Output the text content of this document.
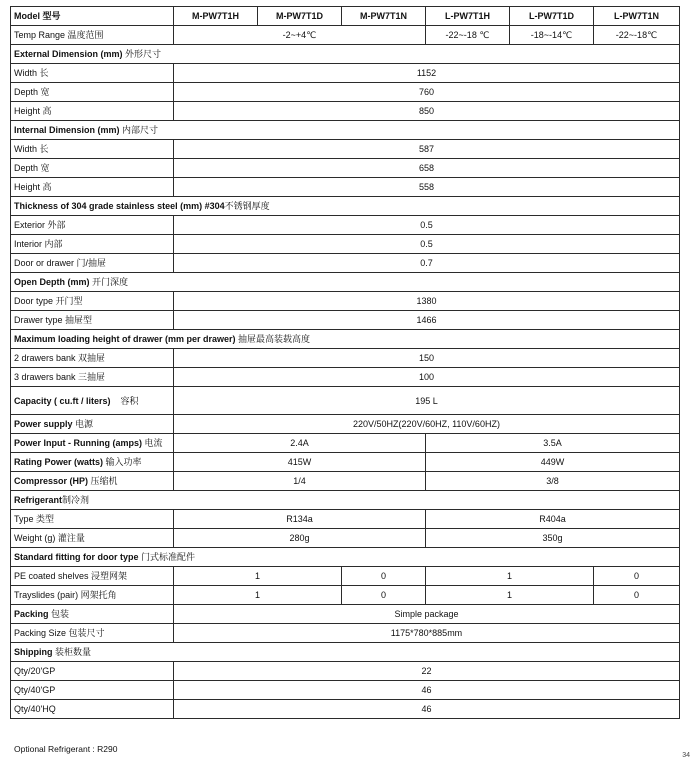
Model 型号	M-PW7T1H	M-PW7T1D	M-PW7T1N	L-PW7T1H	L-PW7T1D	L-PW7T1N
Temp Range 温度范围	-2~+4℃			-22~-18 ℃	-18~-14℃	-22~-18℃
External Dimension (mm) 外形尺寸						
Width 长	1152					
Depth 宽	760					
Height 高	850					
Internal Dimension (mm) 内部尺寸						
Width 长	587					
Depth 宽	658					
Height 高	558					
Thickness of 304 grade stainless steel (mm) #304不锈钢厚度						
Exterior 外部	0.5					
Interior 内部	0.5					
Door or drawer 门/抽屉	0.7					
Open Depth (mm) 开门深度						
Door type 开门型	1380					
Drawer type 抽屉型	1466					
Maximum loading height of drawer (mm per drawer) 抽屉最高装载高度						
2 drawers bank 双抽屉	150					
3 drawers bank 三抽屉	100					
Capacity ( cu.ft / liters)    容积	195 L					
Power supply 电源	220V/50HZ(220V/60HZ, 110V/60HZ)					
Power Input - Running (amps) 电流	2.4A			3.5A		
Rating Power (watts) 输入功率	415W			449W		
Compressor (HP) 压缩机	1/4			3/8		
Refrigerant制冷剂						
Type 类型	R134a			R404a		
Weight (g) 灌注量	280g			350g		
Standard fitting for door type 门式标准配件						
PE coated shelves 浸塑网架	1		0	1		0
Trayslides (pair) 网架托角	1		0	1		0
Packing 包装	Simple package					
Packing Size 包装尺寸	1175*780*885mm					
Shipping 装柜数量						
Qty/20'GP	22					
Qty/40'GP	46					
Qty/40'HQ	46					
Optional Refrigerant : R290
34
